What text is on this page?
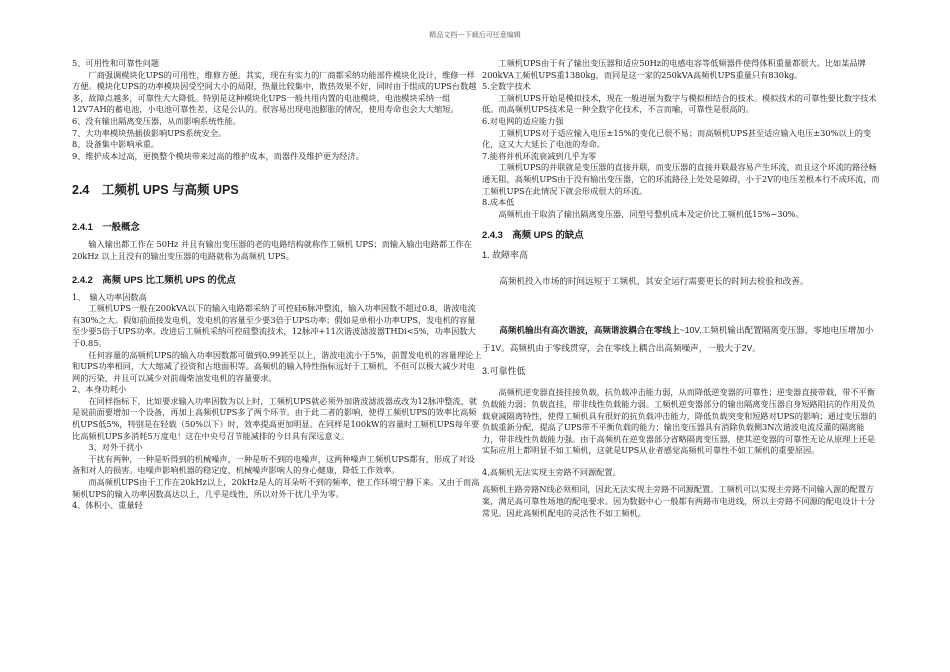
精品文档---下载后可任意编辑

5、可用性和可靠性问题

厂商强调模块化UPS的可用性，维修方便。其实，现在有实力的厂商都采纳功能部件模块化设计，维修一样方便。模块化UPS的功率模块因受空间大小的局限，热量比较集中，散热效果不好，同时由于组成的UPS台数越多，故障点越多，可靠性大大降低。特别是这种模块化UPS一般共用内置的电池模块，电池模块采纳一组12V7AH的蓄电池，小电池可靠性差，这是公认的。很容易出现电池膨胀的情况，使用寿命也会大大缩短。

6、没有输出隔离变压器，从而影响系统性能。

7、大功率模块热插拔影响UPS系统安全。

8、设备集中影响承重。

9、维护成本过高，更换整个模块带来过高的维护成本，而器件及维护更为经济。

2.4　工频机 UPS 与高频 UPS
2.4.1　一般概念

输入输出都工作在 50Hz 并且有输出变压器的老的电路结构就称作工频机 UPS；而输入输出电路都工作在 20kHz 以上且没有的输出变压器的电路就称为高频机 UPS。

2.4.2　高频 UPS 比工频机 UPS 的优点

1、　输入功率因数高

工频机UPS一般在200kVA以下的输入电路都采纳了可控硅6脉冲整流，输入功率因数不超过0.8，谐波电流有30%之大。假如前面接发电机，发电机的容量至少要3倍于UPS功率；假如是单相小功率UPS，发电机的容量至少要5倍于UPS功率。改进后工频机采纳可控硅整流技术，12脉冲+11次谐波滤波器THDi<5%，功率因数大于0.85。

任何容量的高频机UPS的输入功率因数都可做到0.99甚至以上，谐波电流小于5%，前置发电机的容量理论上和UPS功率相同，大大缩减了投资和占地面积等。高频机的输入特性指标远好于工频机，不但可以极大减少对电网的污染，并且可以减少对前端柴油发电机的容量要求。

2、本身功耗小

在同样指标下，比如要求输入功率因数为以上时，工频机UPS就必须外加谐波滤波器或改为12脉冲整流，就是说前面要增加一个设备，再加上高频机UPS多了两个环节。由于此二者的影响，使得工频机UPS的效率比高频机UPS低5%，特别是在轻载（50%以下）时，效率提高更加明显。在同样是100kW的容量时工频机UPS每年要比高频机UPS多消耗5万度电！这在中央号召节能减排的今日具有深远意义。

3、对外干扰小

干扰有两种，一种是听得到的机械噪声，一种是听不到的电噪声，这两种噪声工频机UPS都有，形成了对设备和对人的损害。电噪声影响机器的稳定度，机械噪声影响人的身心健康，降低工作效率。

而高频机UPS由于工作在20kHz以上，20kHz是人的耳朵听不到的频率，使工作环境宁静下来。又由于而高频机UPS的输入功率因数高达以上，几乎是线性，所以对外干扰几乎为零。

4、体积小、重量轻

工频机UPS由于有了输出变压器和适应50Hz的电感电容等低频器件使得体积重量都很大。比如某品牌200kVA工频机UPS重1380kg，而同是这一家的250kVA高频机UPS重量只有830kg。

5.全数字技术

工频机UPS开始是模拟技术，现在一般进展为数字与模拟相结合的技术。模拟技术的可靠性要比数字技术低。而高频机UPS技术是一种全数字化技术，不言而喻，可靠性是很高的。

6.对电网的适应能力强

工频机UPS对于适应输入电压±15%的变化已很不易；而高频机UPS甚至适应输入电压±30%以上的变化，这又大大延长了电池的寿命。

7.能将并机环流衰减到几乎为零

工频机UPS的并联就是变压器的直接并联，而变压器的直接并联最容易产生环流，而且这个环流的路径畅通无阻，高频机UPS由于没有输出变压器，它的环流路径上处处是障碍，小于2V的电压差根本行不成环流，而工频机UPS在此情况下就会形成很大的环流。

8.成本低

高频机由于取消了输出隔离变压器，同型号整机成本及定价比工频机低15%~30%。

2.4.3　高频 UPS 的缺点

1. 故障率高

高频机投入市场的时间远短于工频机，其安全运行需要更长的时间去检验和改善。

高频机输出有高次谐波，高频谐波耦合在零线上~10V,工频机输出配置隔离变压器，零地电压增加小于1V。高频机由于零线贯穿，会在零线上耦合出高频噪声，一般大于2V。

3.可靠性低

高频机逆变器直接挂接负载，抗负载冲击能力弱，从而降低逆变器的可靠性；逆变器直接带载，带不平衡负载能力弱；负载直挂，带非线性负载能力弱。工频机逆变器部分的输出隔离变压器自身短路阻抗的作用及负载衰减隔离特性，使得工频机具有很好的抗负载冲击能力，降低负载突变和短路对UPS的影响；通过变压器的负载重新分配，提高了UPS带不平衡负载的能力；输出变压器具有消除负载侧3N次谐波电流反灌的隔离能力，带非线性负载能力强。由于高频机在逆变器部分省略隔离变压器，使其逆变器的可靠性无论从原理上还是实际应用上都明显不如工频机，这就是UPS从业者感觉高频机可靠性不如工频机的重要原因。

4,高频机无法实现主旁路不同源配置。

高频机主路旁路N线必须相同，因此无法实现主旁路不同源配置。工频机可以实现主旁路不同输入源的配置方案，满足高可靠性场地的配电要求。因为数据中心一般都有两路市电进线，所以主旁路不同源的配电设计十分常见。因此高频机配电的灵活性不如工频机。
